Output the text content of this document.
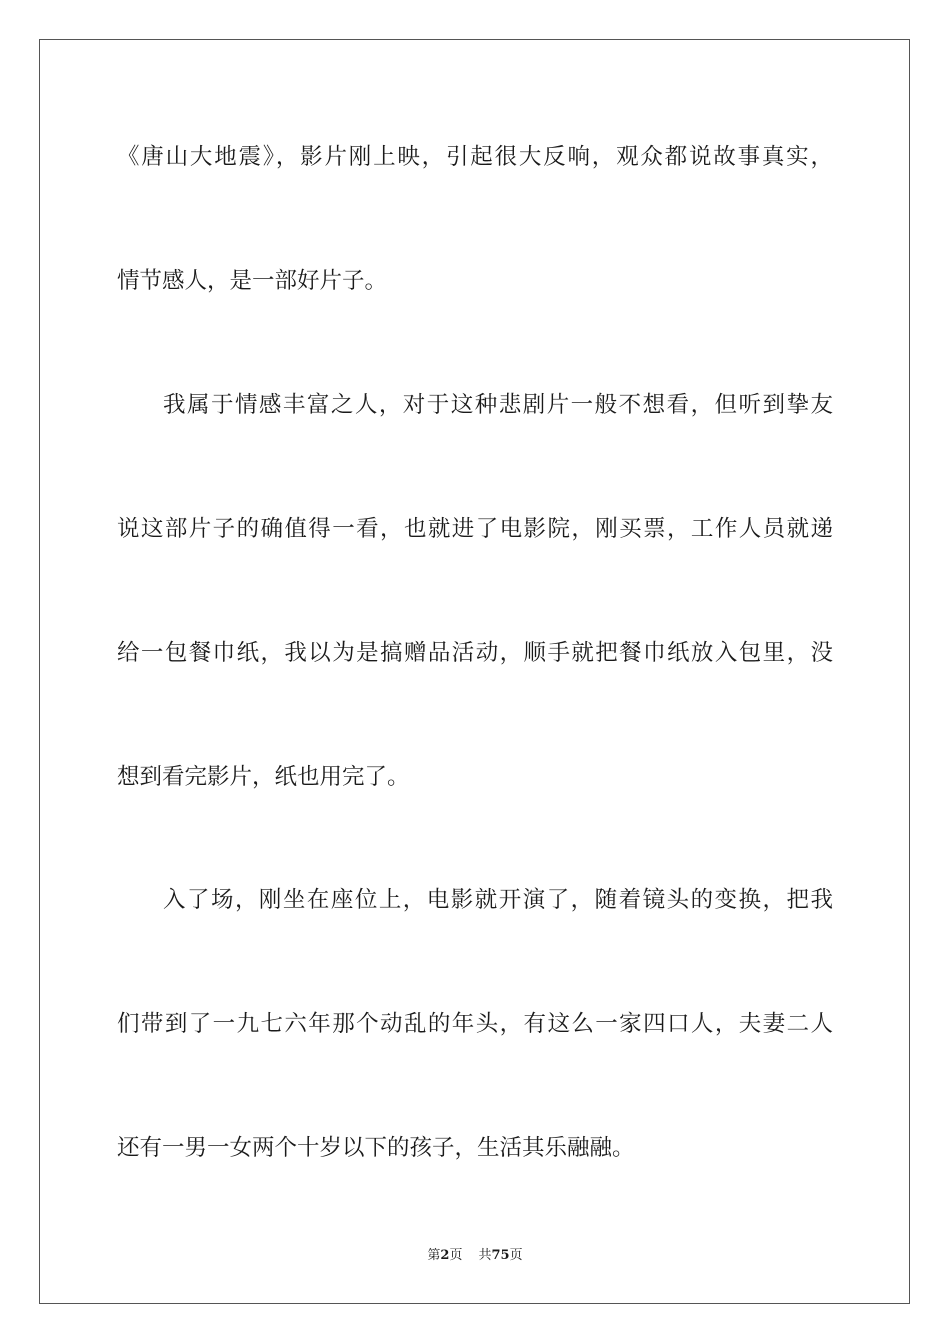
《唐山大地震》，影片刚上映，引起很大反响，观众都说故事真实，
情节感人，是一部好片子。
我属于情感丰富之人，对于这种悲剧片一般不想看，但听到挚友
说这部片子的确值得一看，也就进了电影院，刚买票，工作人员就递
给一包餐巾纸，我以为是搞赠品活动，顺手就把餐巾纸放入包里，没
想到看完影片，纸也用完了。
入了场，刚坐在座位上，电影就开演了，随着镜头的变换，把我
们带到了一九七六年那个动乱的年头，有这么一家四口人，夫妻二人
还有一男一女两个十岁以下的孩子，生活其乐融融。
第2页 共75页
